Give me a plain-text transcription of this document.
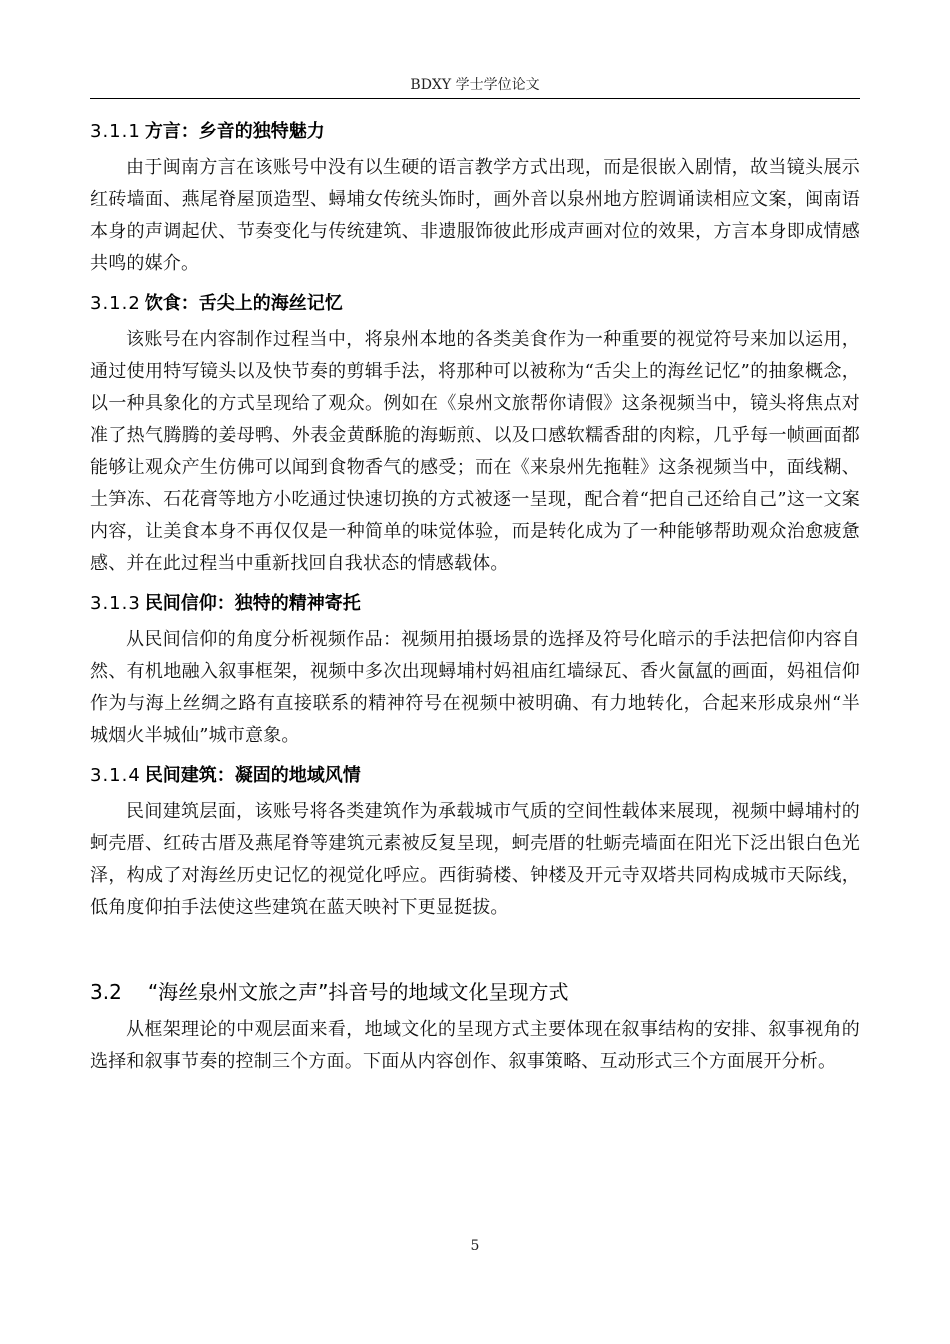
BDXY 学士学位论文
3.1.1 方言：乡音的独特魅力

由于闽南方言在该账号中没有以生硬的语言教学方式出现，而是很嵌入剧情，故当镜头展示红砖墙面、燕尾脊屋顶造型、蟳埔女传统头饰时，画外音以泉州地方腔调诵读相应文案，闽南语本身的声调起伏、节奏变化与传统建筑、非遗服饰彼此形成声画对位的效果，方言本身即成情感共鸣的媒介。

3.1.2 饮食：舌尖上的海丝记忆

该账号在内容制作过程当中，将泉州本地的各类美食作为一种重要的视觉符号来加以运用，通过使用特写镜头以及快节奏的剪辑手法，将那种可以被称为“舌尖上的海丝记忆”的抽象概念，以一种具象化的方式呈现给了观众。例如在《泉州文旅帮你请假》这条视频当中，镜头将焦点对准了热气腾腾的姜母鸭、外表金黄酥脆的海蛎煎、以及口感软糯香甜的肉粽，几乎每一帧画面都能够让观众产生仿佛可以闻到食物香气的感受；而在《来泉州先拖鞋》这条视频当中，面线糊、土笋冻、石花膏等地方小吃通过快速切换的方式被逐一呈现，配合着“把自己还给自己”这一文案内容，让美食本身不再仅仅是一种简单的味觉体验，而是转化成为了一种能够帮助观众治愈疲惫感、并在此过程当中重新找回自我状态的情感载体。

3.1.3 民间信仰：独特的精神寄托

从民间信仰的角度分析视频作品：视频用拍摄场景的选择及符号化暗示的手法把信仰内容自然、有机地融入叙事框架，视频中多次出现蟳埔村妈祖庙红墙绿瓦、香火氤氲的画面，妈祖信仰作为与海上丝绸之路有直接联系的精神符号在视频中被明确、有力地转化，合起来形成泉州“半城烟火半城仙”城市意象。

3.1.4 民间建筑：凝固的地域风情

民间建筑层面，该账号将各类建筑作为承载城市气质的空间性载体来展现，视频中蟳埔村的蚵壳厝、红砖古厝及燕尾脊等建筑元素被反复呈现，蚵壳厝的牡蛎壳墙面在阳光下泛出银白色光泽，构成了对海丝历史记忆的视觉化呼应。西街骑楼、钟楼及开元寺双塔共同构成城市天际线，低角度仰拍手法使这些建筑在蓝天映衬下更显挺拔。

3.2 “海丝泉州文旅之声”抖音号的地域文化呈现方式

从框架理论的中观层面来看，地域文化的呈现方式主要体现在叙事结构的安排、叙事视角的选择和叙事节奏的控制三个方面。下面从内容创作、叙事策略、互动形式三个方面展开分析。

5
